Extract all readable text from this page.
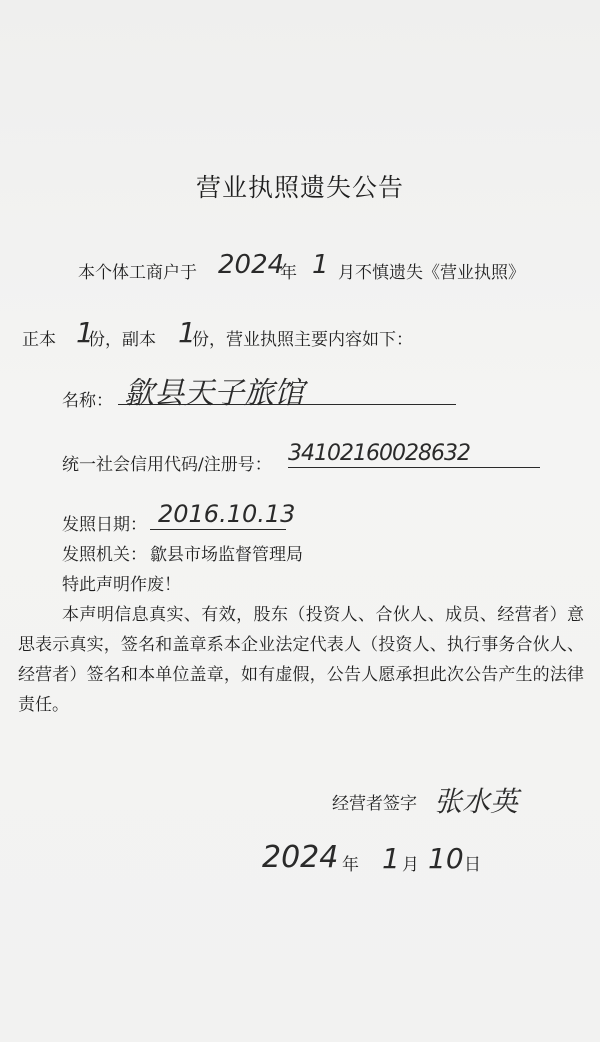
营业执照遗失公告
本个体工商户于 2024
年 1 月不慎遗失《营业执照》
正本 1
份，副本 1
份，营业执照主要内容如下：
名称： 歙县天子旅馆
统一社会信用代码/注册号： 34102160028632
发照日期： 2016.10.13
发照机关： 歙县市场监督管理局
特此声明作废！
本声明信息真实、有效，股东（投资人、合伙人、成员、经营者）意思表示真实，签名和盖章系本企业法定代表人（投资人、执行事务合伙人、经营者）签名和本单位盖章，如有虚假，公告人愿承担此次公告产生的法律责任。
经营者签字 张水英
2024 年 1 月 10 日
